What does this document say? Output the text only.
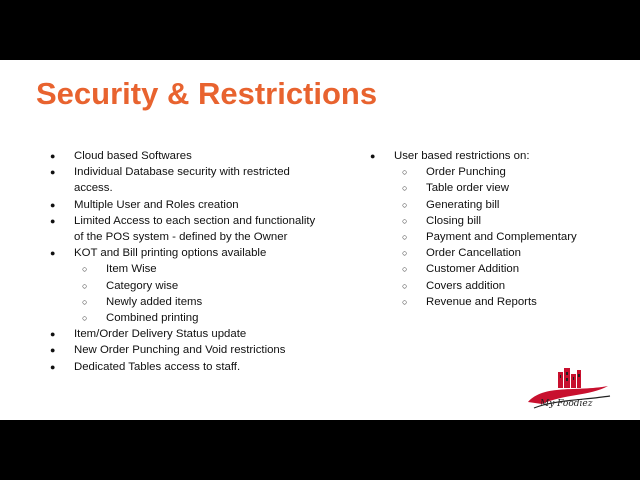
Security & Restrictions
● Cloud based Softwares
● Individual Database security with restricted access.
● Multiple User and Roles creation
● Limited Access to each section and functionality of the POS system - defined by the Owner
● KOT and Bill printing options available
○ Item Wise
○ Category wise
○ Newly added items
○ Combined printing
● Item/Order Delivery Status update
● New Order Punching and Void restrictions
● Dedicated Tables access to staff.
● User based restrictions on:
○ Order Punching
○ Table order view
○ Generating bill
○ Closing bill
○ Payment and Complementary
○ Order Cancellation
○ Customer Addition
○ Covers addition
○ Revenue and Reports
My Foodiez
